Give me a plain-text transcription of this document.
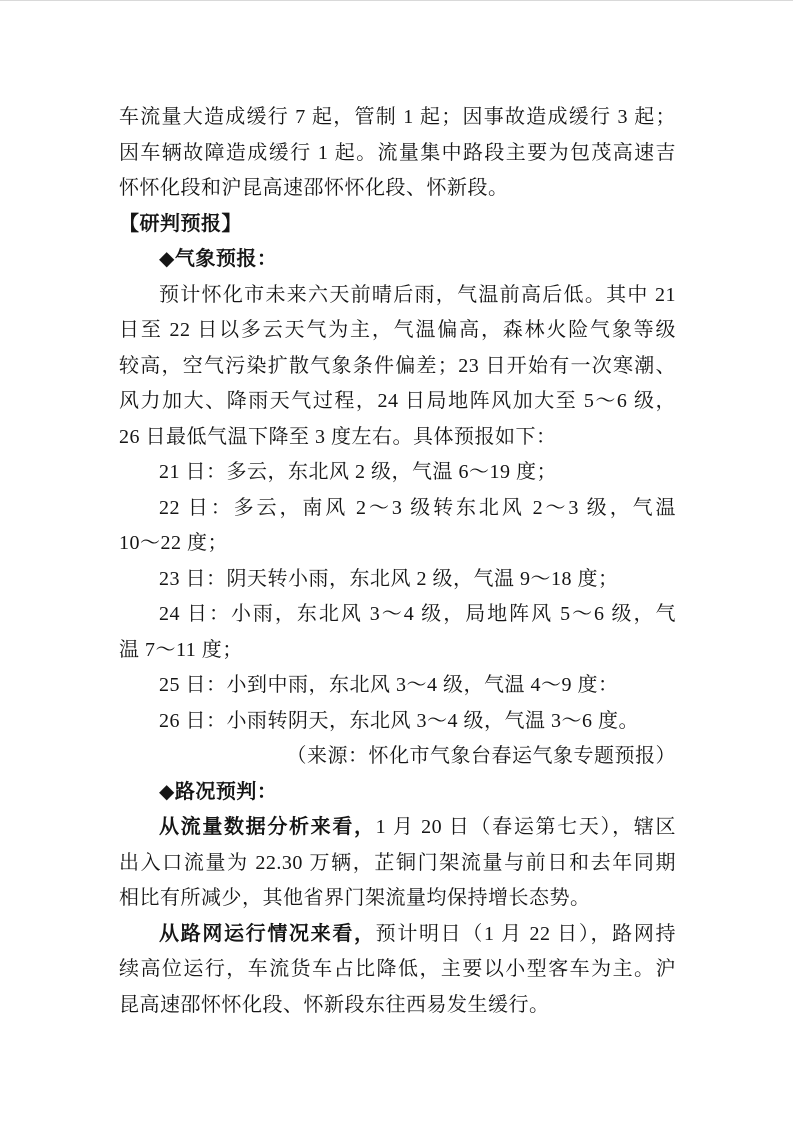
车流量大造成缓行 7 起，管制 1 起；因事故造成缓行 3 起；
因车辆故障造成缓行 1 起。流量集中路段主要为包茂高速吉
怀怀化段和沪昆高速邵怀怀化段、怀新段。
【研判预报】
◆气象预报：
预计怀化市未来六天前晴后雨，气温前高后低。其中 21
日至 22 日以多云天气为主，气温偏高，森林火险气象等级
较高，空气污染扩散气象条件偏差；23 日开始有一次寒潮、
风力加大、降雨天气过程，24 日局地阵风加大至 5～6 级，
26 日最低气温下降至 3 度左右。具体预报如下：
21 日：多云，东北风 2 级，气温 6～19 度；
22 日：多云，南风 2～3 级转东北风 2～3 级，气温
10～22 度；
23 日：阴天转小雨，东北风 2 级，气温 9～18 度；
24 日：小雨，东北风 3～4 级，局地阵风 5～6 级，气
温 7～11 度；
25 日：小到中雨，东北风 3～4 级，气温 4～9 度：
26 日：小雨转阴天，东北风 3～4 级，气温 3～6 度。
（来源：怀化市气象台春运气象专题预报）
◆路况预判：
从流量数据分析来看，1 月 20 日（春运第七天），辖区
出入口流量为 22.30 万辆，芷铜门架流量与前日和去年同期
相比有所减少，其他省界门架流量均保持增长态势。
从路网运行情况来看，预计明日（1 月 22 日），路网持
续高位运行，车流货车占比降低，主要以小型客车为主。沪
昆高速邵怀怀化段、怀新段东往西易发生缓行。
